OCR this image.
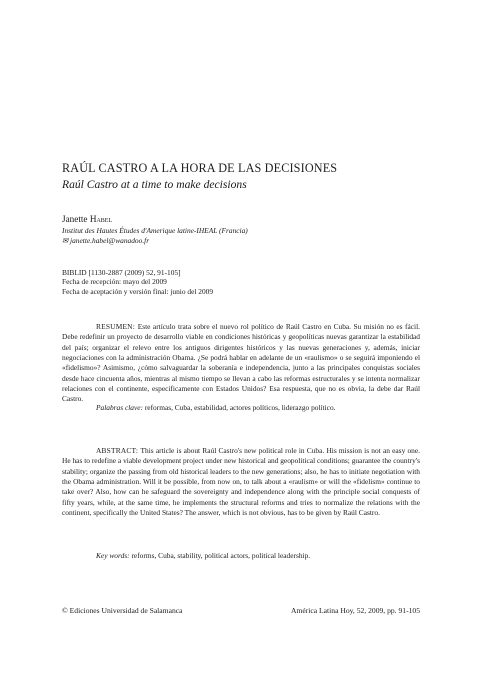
RAÚL CASTRO A LA HORA DE LAS DECISIONES
Raúl Castro at a time to make decisions
Janette Habel
Institut des Hautes Études d'Amerique latine-IHEAL (Francia)
✉ janette.habel@wanadoo.fr
BIBLID [1130-2887 (2009) 52, 91-105]
Fecha de recepción: mayo del 2009
Fecha de aceptación y versión final: junio del 2009

RESUMEN: Este artículo trata sobre el nuevo rol político de Raúl Castro en Cuba. Su misión no es fácil. Debe redefinir un proyecto de desarrollo viable en condiciones históricas y geopolíticas nuevas garantizar la estabilidad del país; organizar el relevo entre los antiguos dirigentes históricos y las nuevas generaciones y, además, iniciar negociaciones con la administración Obama. ¿Se podrá hablar en adelante de un «raulismo» o se seguirá imponiendo el «fidelismo»? Asimismo, ¿cómo salvaguardar la soberanía e independencia, junto a las principales conquistas sociales desde hace cincuenta años, mientras al mismo tiempo se llevan a cabo las reformas estructurales y se intenta normalizar relaciones con el continente, especificamente con Estados Unidos? Esa respuesta, que no es obvia, la debe dar Raúl Castro.

Palabras clave: reformas, Cuba, estabilidad, actores políticos, liderazgo político.

ABSTRACT: This article is about Raúl Castro's new political role in Cuba. His mission is not an easy one. He has to redefine a viable development project under new historical and geopolitical conditions; guarantee the country's stability; organize the passing from old historical leaders to the new generations; also, he has to initiate negotiation with the Obama administration. Will it be possible, from now on, to talk about a «raulism» or will the «fidelism» continue to take over? Also, how can he safeguard the sovereignty and independence along with the principle social conquests of fifty years, while, at the same time, he implements the structural reforms and tries to normalize the relations with the continent, specifically the United States? The answer, which is not obvious, has to be given by Raúl Castro.

Key words: reforms, Cuba, stability, political actors, political leadership.
© Ediciones Universidad de Salamanca	América Latina Hoy, 52, 2009, pp. 91-105
